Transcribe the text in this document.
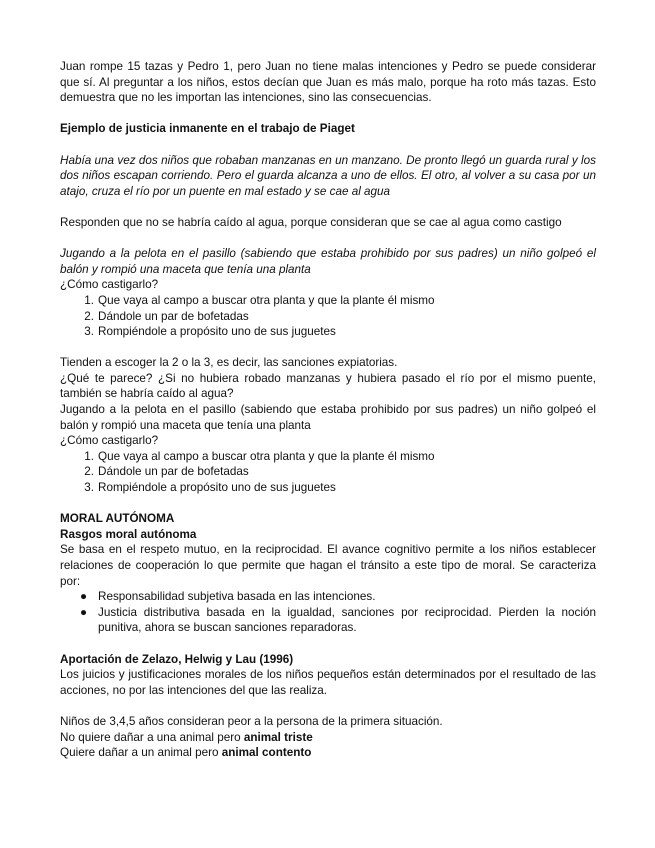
Juan rompe 15 tazas y Pedro 1, pero Juan no tiene malas intenciones y Pedro se puede considerar que sí. Al preguntar a los niños, estos decían que Juan es más malo, porque ha roto más tazas. Esto demuestra que no les importan las intenciones, sino las consecuencias.

Ejemplo de justicia inmanente en el trabajo de Piaget

Había una vez dos niños que robaban manzanas en un manzano. De pronto llegó un guarda rural y los dos niños escapan corriendo. Pero el guarda alcanza a uno de ellos. El otro, al volver a su casa por un atajo, cruza el río por un puente en mal estado y se cae al agua

Responden que no se habría caído al agua, porque consideran que se cae al agua como castigo

Jugando a la pelota en el pasillo (sabiendo que estaba prohibido por sus padres) un niño golpeó el balón y rompió una maceta que tenía una planta

¿Cómo castigarlo?

1. Que vaya al campo a buscar otra planta y que la plante él mismo
2. Dándole un par de bofetadas
3. Rompiéndole a propósito uno de sus juguetes

Tienden a escoger la 2 o la 3, es decir, las sanciones expiatorias.

¿Qué te parece? ¿Si no hubiera robado manzanas y hubiera pasado el río por el mismo puente, también se habría caído al agua?

Jugando a la pelota en el pasillo (sabiendo que estaba prohibido por sus padres) un niño golpeó el balón y rompió una maceta que tenía una planta

¿Cómo castigarlo?

1. Que vaya al campo a buscar otra planta y que la plante él mismo
2. Dándole un par de bofetadas
3. Rompiéndole a propósito uno de sus juguetes

MORAL AUTÓNOMA

Rasgos moral autónoma

Se basa en el respeto mutuo, en la reciprocidad. El avance cognitivo permite a los niños establecer relaciones de cooperación lo que permite que hagan el tránsito a este tipo de moral. Se caracteriza por:

● Responsabilidad subjetiva basada en las intenciones.
● Justicia distributiva basada en la igualdad, sanciones por reciprocidad. Pierden la noción punitiva, ahora se buscan sanciones reparadoras.

Aportación de Zelazo, Helwig y Lau (1996)

Los juicios y justificaciones morales de los niños pequeños están determinados por el resultado de las acciones, no por las intenciones del que las realiza.

Niños de 3,4,5 años consideran peor a la persona de la primera situación.

No quiere dañar a una animal pero animal triste

Quiere dañar a un animal pero animal contento
